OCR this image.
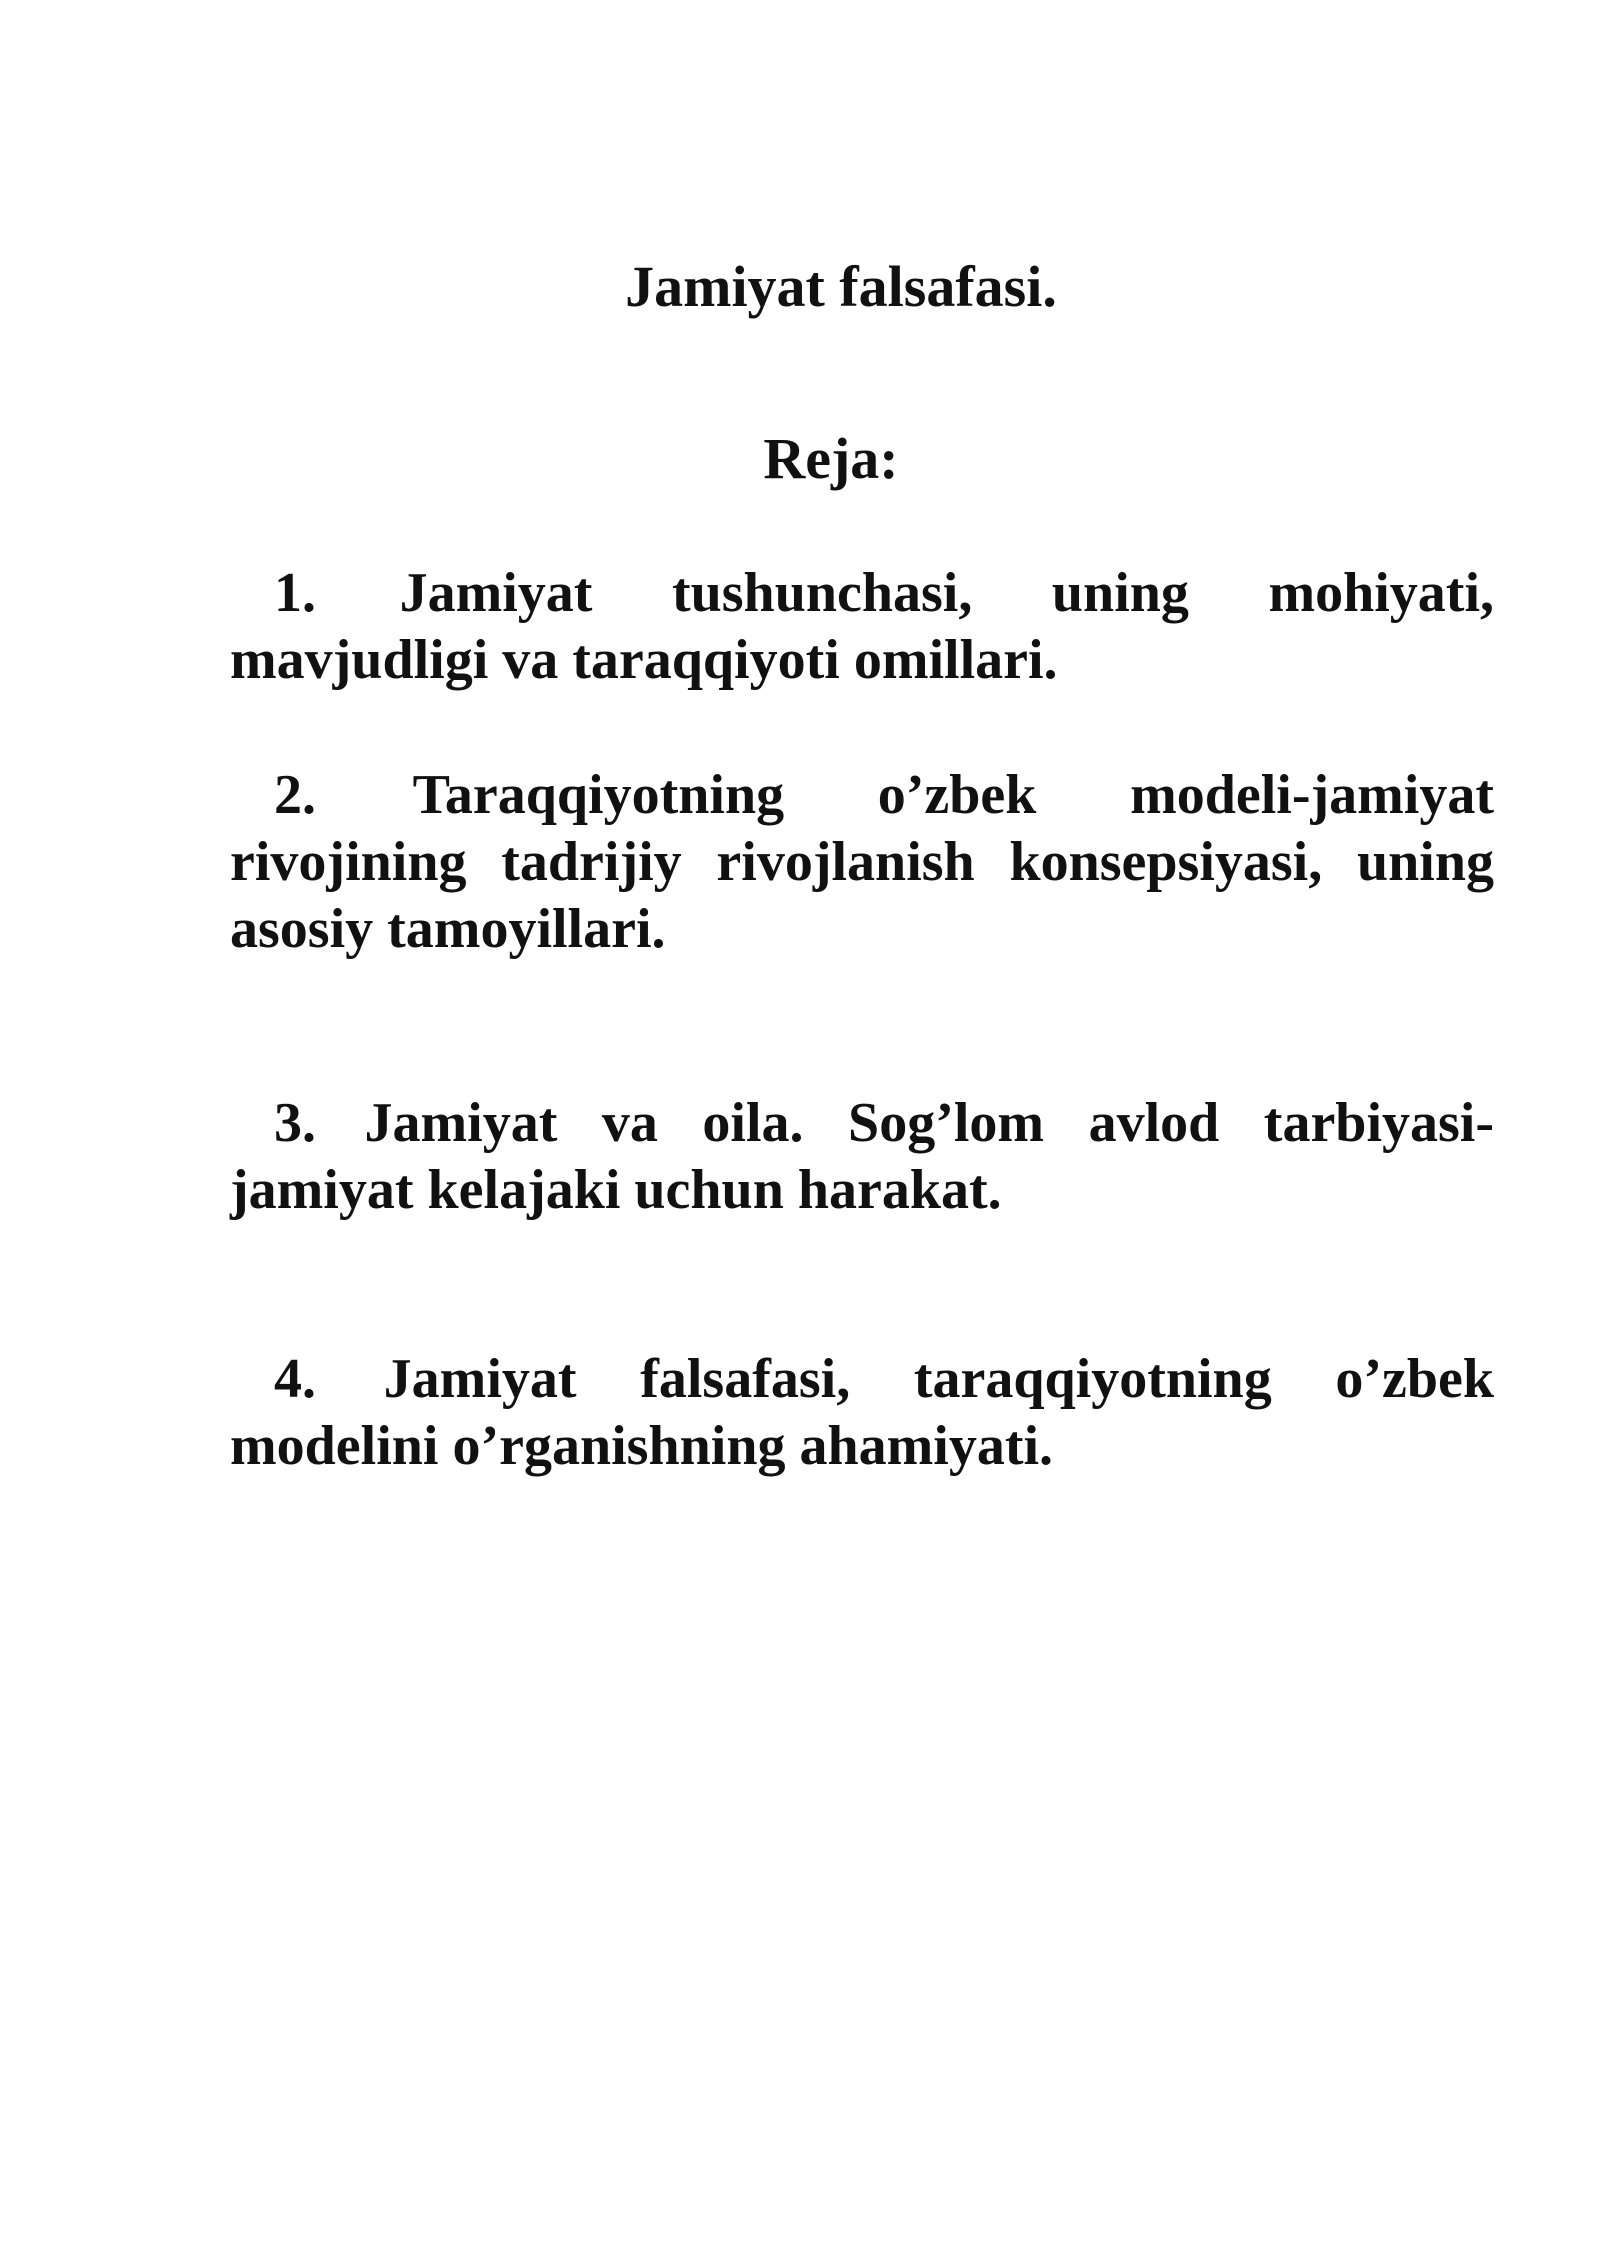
Jamiyat falsafasi.
Reja:
1. Jamiyat tushunchasi, uning mohiyati, mavjudligi va taraqqiyoti omillari.
2. Taraqqiyotning o’zbek modeli-jamiyat rivojining tadrijiy rivojlanish konsepsiyasi, uning asosiy tamoyillari.
3. Jamiyat va oila. Sog’lom avlod tarbiyasi-jamiyat kelajaki uchun harakat.
4. Jamiyat falsafasi, taraqqiyotning o’zbek modelini o’rganishning ahamiyati.
